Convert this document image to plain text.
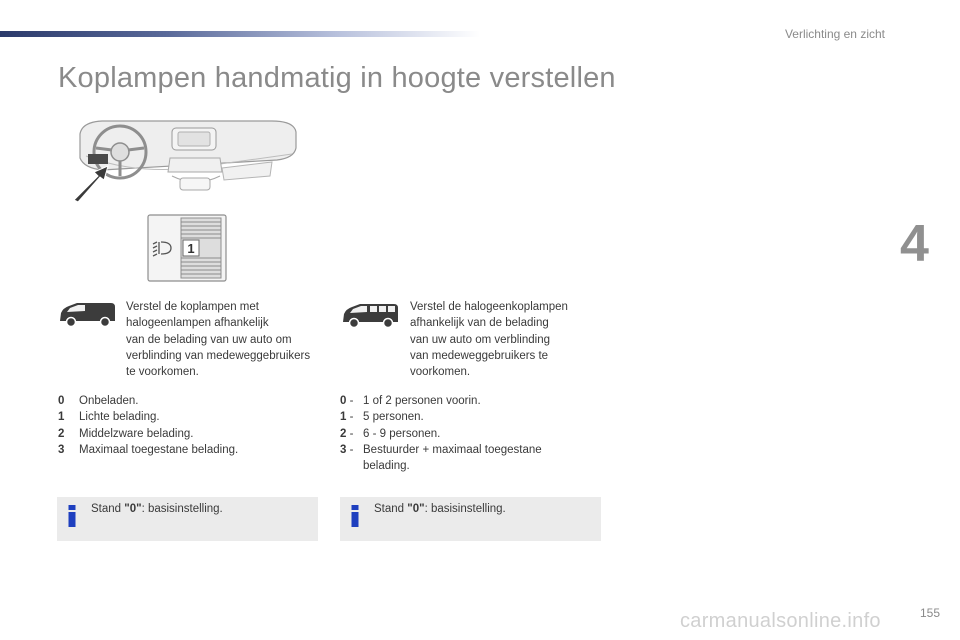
Verlichting en zicht
Koplampen handmatig in hoogte verstellen
4
1
Verstel de koplampen met
halogeenlampen afhankelijk
van de belading van uw auto om
verblinding van medeweggebruikers
te voorkomen.
Verstel de halogeenkoplampen
afhankelijk van de belading
van uw auto om verblinding
van medeweggebruikers te
voorkomen.
0 Onbeladen.
1 Lichte belading.
2 Middelzware belading.
3 Maximaal toegestane belading.
0 - 1 of 2 personen voorin.
1 - 5 personen.
2 - 6 - 9 personen.
3 - Bestuurder + maximaal toegestane
belading.
Stand "0": basisinstelling.	Stand "0": basisinstelling.
155
carmanualsonline.info
